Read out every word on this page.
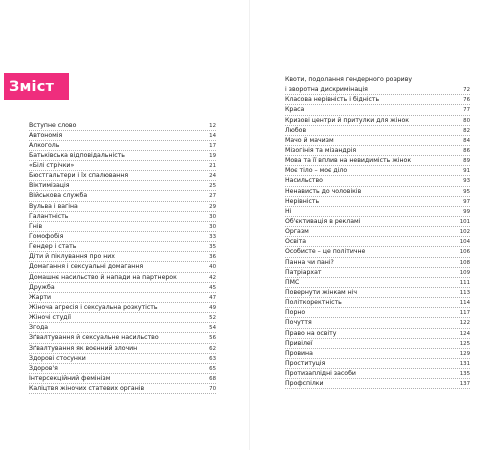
Зміст
Вступне слово	12
Автономія	14
Алкоголь	17
Батьківська відповідальність	19
«Білі стрічки»	21
Бюстгальтери і їх спалювання	24
Віктимізація	25
Військова служба	27
Вульва і вагіна	29
Галантність	30
Гнів	30
Гомофобія	33
Гендер і стать	35
Діти й піклування про них	36
Домагання і сексуальні домагання	40
Домашнє насильство й напади на партнерок	42
Дружба	45
Жарти	47
Жіноча агресія і сексуальна розкутість	49
Жіночі студії	52
Згода	54
Зґвалтування й сексуальне насильство	56
Зґвалтування як воєнний злочин	62
Здорові стосунки	63
Здоров'я	65
Інтерсекційний фемінізм	68
Каліцтвя жіночих статевих органів	70
Квоти, подолання гендерного розриву
і зворотна дискримінація	72
Класова нерівність і бідність	76
Краса	77
Кризові центри й притулки для жінок	80
Любов	82
Мачо й мачизм	84
Мізогінія та мізандрія	86
Мова та її вплив на невидимість жінок	89
Моє тіло – моє діло	91
Насильство	93
Ненависть до чоловіків	95
Нерівність	97
Ні	99
Об'єктивація в рекламі	101
Оргазм	102
Освіта	104
Особисте – це політичне	106
Панна чи пані?	108
Патріархат	109
ПМС	111
Повернути жінкам ніч	113
Політкоректність	114
Порно	117
Почуття	122
Право на освіту	124
Привілеї	125
Провина	129
Проституція	131
Протизаплідні засоби	135
Профспілки	137
